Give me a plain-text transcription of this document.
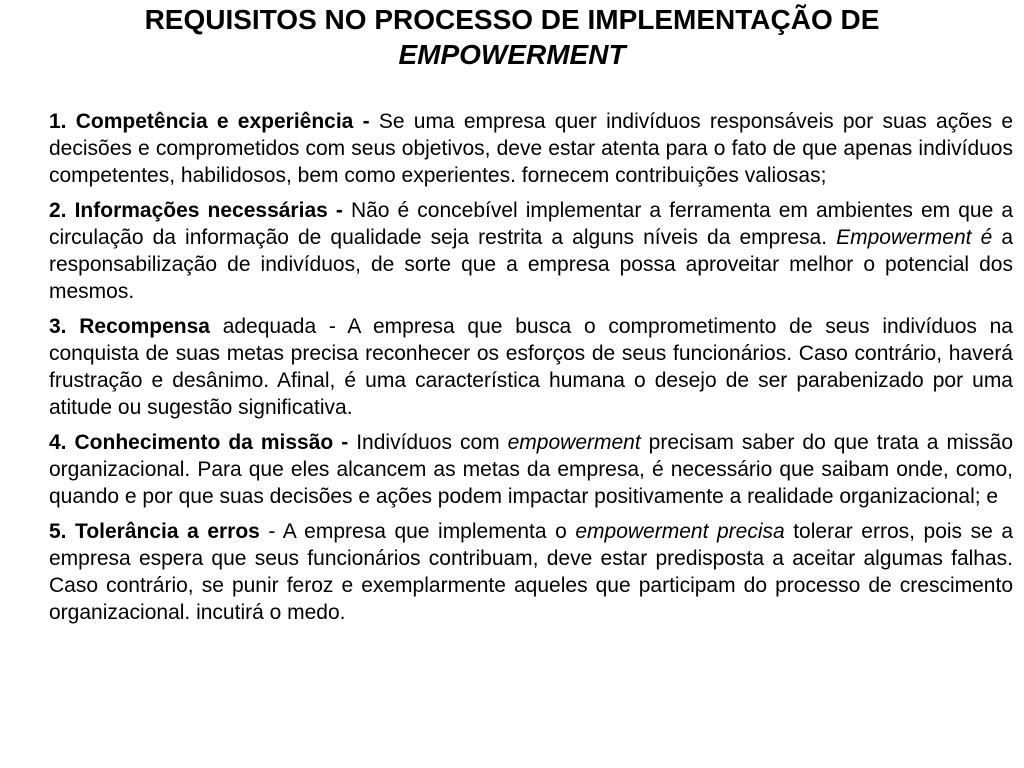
REQUISITOS NO PROCESSO DE IMPLEMENTAÇÃO DE
EMPOWERMENT

1. Competência e experiência - Se uma empresa quer indivíduos responsáveis por suas ações e decisões e comprometidos com seus objetivos, deve estar atenta para o fato de que apenas indivíduos competentes, habilidosos, bem como experientes. fornecem contribuições valiosas;

2. Informações necessárias - Não é concebível implementar a ferramenta em ambientes em que a circulação da informação de qualidade seja restrita a alguns níveis da empresa. Empowerment é a responsabilização de indivíduos, de sorte que a empresa possa aproveitar melhor o potencial dos mesmos.

3. Recompensa adequada - A empresa que busca o comprometimento de seus indivíduos na conquista de suas metas precisa reconhecer os esforços de seus funcionários. Caso contrário, haverá frustração e desânimo. Afinal, é uma característica humana o desejo de ser parabenizado por uma atitude ou sugestão significativa.

4. Conhecimento da missão - Indivíduos com empowerment precisam saber do que trata a missão organizacional. Para que eles alcancem as metas da empresa, é necessário que saibam onde, como, quando e por que suas decisões e ações podem impactar positivamente a realidade organizacional; e

5. Tolerância a erros - A empresa que implementa o empowerment precisa tolerar erros, pois se a empresa espera que seus funcionários contribuam, deve estar predisposta a aceitar algumas falhas. Caso contrário, se punir feroz e exemplarmente aqueles que participam do processo de crescimento organizacional. incutirá o medo.
